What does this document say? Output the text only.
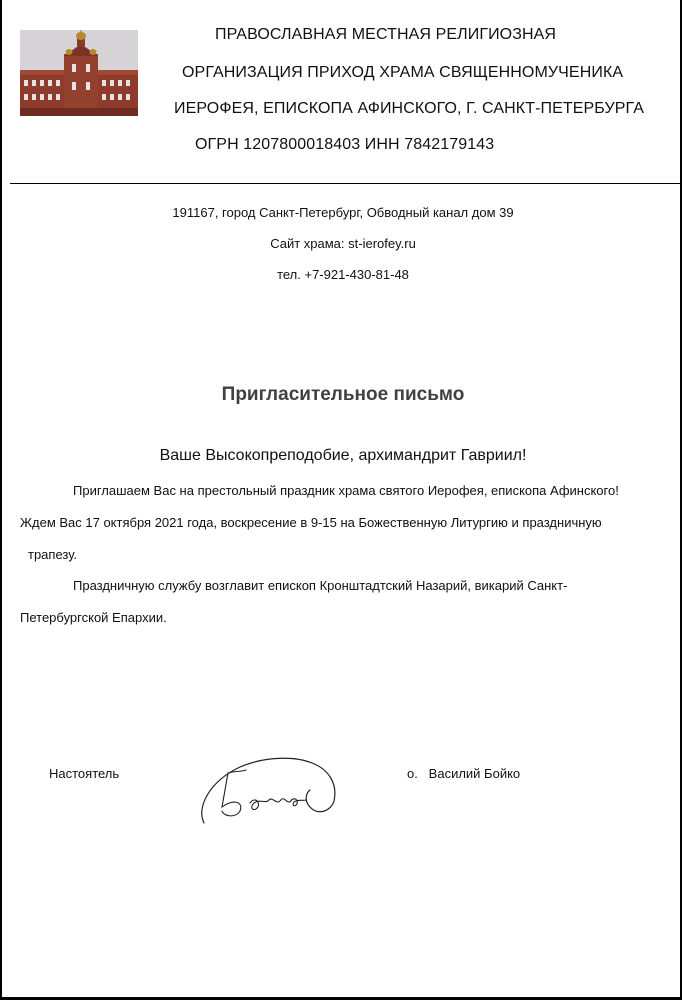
ПРАВОСЛАВНАЯ МЕСТНАЯ РЕЛИГИОЗНАЯ
ОРГАНИЗАЦИЯ ПРИХОД ХРАМА СВЯЩЕННОМУЧЕНИКА
ИЕРОФЕЯ, ЕПИСКОПА АФИНСКОГО, Г. САНКТ-ПЕТЕРБУРГА
ОГРН 1207800018403 ИНН 7842179143
191167, город Санкт-Петербург, Обводный канал дом 39
Сайт храма: st-ierofey.ru
тел. +7-921-430-81-48
Пригласительное письмо
Ваше Высокопреподобие, архимандрит Гавриил!
Приглашаем Вас на престольный праздник храма святого Иерофея, епископа Афинского!
Ждем Вас 17 октября 2021 года, воскресение в 9-15 на Божественную Литургию и праздничную
трапезу.
Праздничную службу возглавит епископ Кронштадтский Назарий, викарий Санкт-
Петербургской Епархии.
Настоятель	о.   Василий Бойко
